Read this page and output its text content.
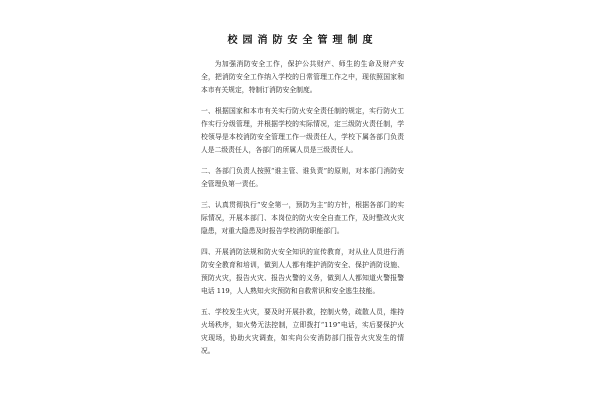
校园消防安全管理制度

为加强消防安全工作，保护公共财产、师生的生命及财产安全，把消防安全工作纳入学校的日常管理工作之中，现依照国家和本市有关规定，特制订消防安全制度。

一、根据国家和本市有关实行防火安全责任制的规定，实行防火工作实行分级管理，并根据学校的实际情况，定三级防火责任制，学校领导是本校消防安全管理工作一级责任人，学校下属各部门负责人是二级责任人，各部门的所属人员是三级责任人。

二、各部门负责人按照“谁主管、谁负责”的原则，对本部门消防安全管理负第一责任。

三、认真贯彻执行“安全第一，预防为主”的方针，根据各部门的实际情况，开展本部门、本岗位的防火安全自查工作，及时整改火灾隐患，对重大隐患及时报告学校消防职能部门。

四、开展消防法规和防火安全知识的宣传教育，对从业人员进行消防安全教育和培训，做到人人都有维护消防安全、保护消防设施、预防火灾，报告火灾、报告火警的义务，做到人人都知道火警报警电话 119，人人熟知火灾预防和自救常识和安全逃生技能。

五、学校发生火灾，要及时开展扑救，控制火势，疏散人员，维持火场秩序，如火势无法控制，立即拨打“119”电话，实后要保护火灾现场，协助火灾调查，如实向公安消防部门报告火灾发生的情况。
